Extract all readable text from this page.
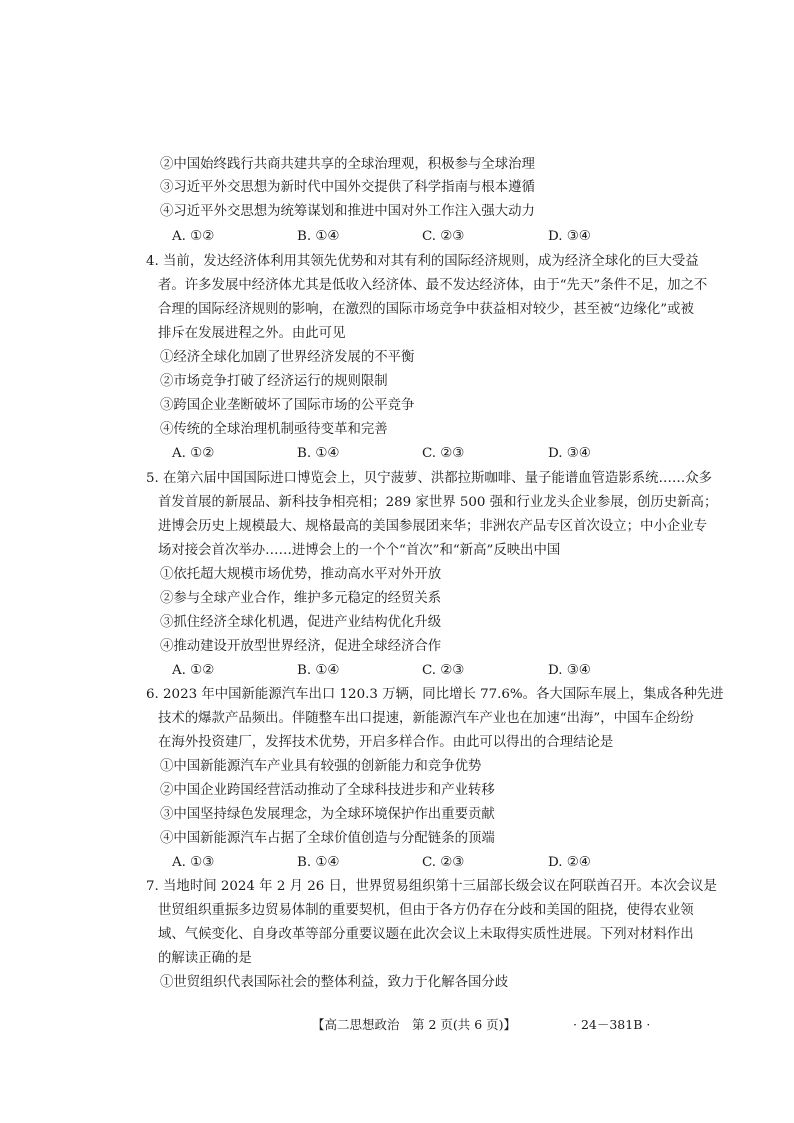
②中国始终践行共商共建共享的全球治理观，积极参与全球治理
③习近平外交思想为新时代中国外交提供了科学指南与根本遵循
④习近平外交思想为统筹谋划和推进中国对外工作注入强大动力
A. ①②	B. ①④	C. ②③	D. ③④
4. 当前，发达经济体利用其领先优势和对其有利的国际经济规则，成为经济全球化的巨大受益
者。许多发展中经济体尤其是低收入经济体、最不发达经济体，由于“先天”条件不足，加之不
合理的国际经济规则的影响，在激烈的国际市场竞争中获益相对较少，甚至被“边缘化”或被
排斥在发展进程之外。由此可见
①经济全球化加剧了世界经济发展的不平衡
②市场竞争打破了经济运行的规则限制
③跨国企业垄断破坏了国际市场的公平竞争
④传统的全球治理机制亟待变革和完善
A. ①②	B. ①④	C. ②③	D. ③④
5. 在第六届中国国际进口博览会上，贝宁菠萝、洪都拉斯咖啡、量子能谱血管造影系统……众多
首发首展的新展品、新科技争相亮相；289 家世界 500 强和行业龙头企业参展，创历史新高；
进博会历史上规模最大、规格最高的美国参展团来华；非洲农产品专区首次设立；中小企业专
场对接会首次举办……进博会上的一个个“首次”和“新高”反映出中国
①依托超大规模市场优势，推动高水平对外开放
②参与全球产业合作，维护多元稳定的经贸关系
③抓住经济全球化机遇，促进产业结构优化升级
④推动建设开放型世界经济，促进全球经济合作
A. ①②	B. ①④	C. ②③	D. ③④
6. 2023 年中国新能源汽车出口 120.3 万辆，同比增长 77.6%。各大国际车展上，集成各种先进
技术的爆款产品频出。伴随整车出口提速，新能源汽车产业也在加速“出海”，中国车企纷纷
在海外投资建厂，发挥技术优势，开启多样合作。由此可以得出的合理结论是
①中国新能源汽车产业具有较强的创新能力和竞争优势
②中国企业跨国经营活动推动了全球科技进步和产业转移
③中国坚持绿色发展理念，为全球环境保护作出重要贡献
④中国新能源汽车占据了全球价值创造与分配链条的顶端
A. ①③	B. ①④	C. ②③	D. ②④
7. 当地时间 2024 年 2 月 26 日，世界贸易组织第十三届部长级会议在阿联酋召开。本次会议是
世贸组织重振多边贸易体制的重要契机，但由于各方仍存在分歧和美国的阻挠，使得农业领
域、气候变化、自身改革等部分重要议题在此次会议上未取得实质性进展。下列对材料作出
的解读正确的是
①世贸组织代表国际社会的整体利益，致力于化解各国分歧
【高二思想政治　第 2 页(共 6 页)】	· 24－381B ·
